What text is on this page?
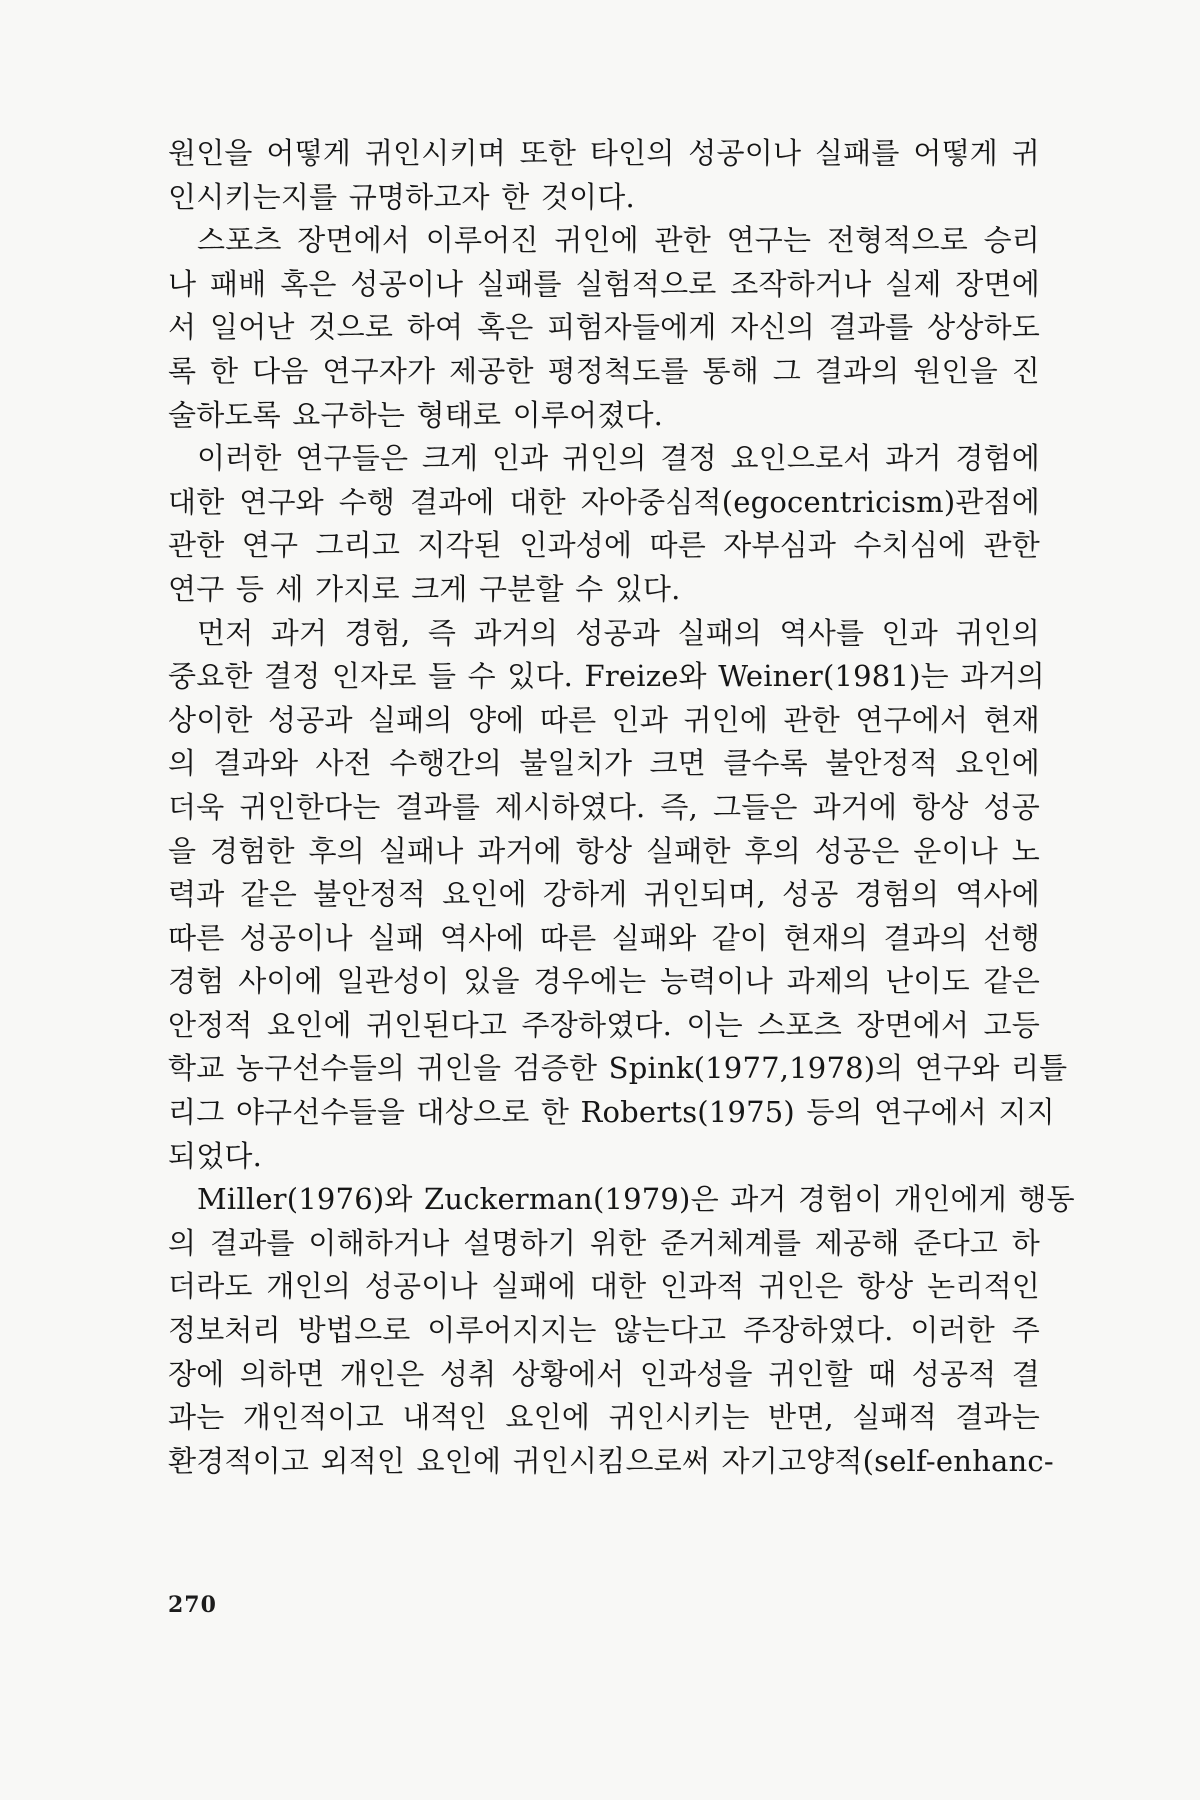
원인을 어떻게 귀인시키며 또한 타인의 성공이나 실패를 어떻게 귀
인시키는지를 규명하고자 한 것이다.

스포츠 장면에서 이루어진 귀인에 관한 연구는 전형적으로 승리
나 패배 혹은 성공이나 실패를 실험적으로 조작하거나 실제 장면에
서 일어난 것으로 하여 혹은 피험자들에게 자신의 결과를 상상하도
록 한 다음 연구자가 제공한 평정척도를 통해 그 결과의 원인을 진
술하도록 요구하는 형태로 이루어졌다.

이러한 연구들은 크게 인과 귀인의 결정 요인으로서 과거 경험에
대한 연구와 수행 결과에 대한 자아중심적(egocentricism)관점에
관한 연구 그리고 지각된 인과성에 따른 자부심과 수치심에 관한
연구 등 세 가지로 크게 구분할 수 있다.

먼저 과거 경험, 즉 과거의 성공과 실패의 역사를 인과 귀인의
중요한 결정 인자로 들 수 있다. Freize와 Weiner(1981)는 과거의
상이한 성공과 실패의 양에 따른 인과 귀인에 관한 연구에서 현재
의 결과와 사전 수행간의 불일치가 크면 클수록 불안정적 요인에
더욱 귀인한다는 결과를 제시하였다. 즉, 그들은 과거에 항상 성공
을 경험한 후의 실패나 과거에 항상 실패한 후의 성공은 운이나 노
력과 같은 불안정적 요인에 강하게 귀인되며, 성공 경험의 역사에
따른 성공이나 실패 역사에 따른 실패와 같이 현재의 결과의 선행
경험 사이에 일관성이 있을 경우에는 능력이나 과제의 난이도 같은
안정적 요인에 귀인된다고 주장하였다. 이는 스포츠 장면에서 고등
학교 농구선수들의 귀인을 검증한 Spink(1977,1978)의 연구와 리틀
리그 야구선수들을 대상으로 한 Roberts(1975) 등의 연구에서 지지
되었다.

Miller(1976)와 Zuckerman(1979)은 과거 경험이 개인에게 행동
의 결과를 이해하거나 설명하기 위한 준거체계를 제공해 준다고 하
더라도 개인의 성공이나 실패에 대한 인과적 귀인은 항상 논리적인
정보처리 방법으로 이루어지지는 않는다고 주장하였다. 이러한 주
장에 의하면 개인은 성취 상황에서 인과성을 귀인할 때 성공적 결
과는 개인적이고 내적인 요인에 귀인시키는 반면, 실패적 결과는
환경적이고 외적인 요인에 귀인시킴으로써 자기고양적(self-enhanc-

270
